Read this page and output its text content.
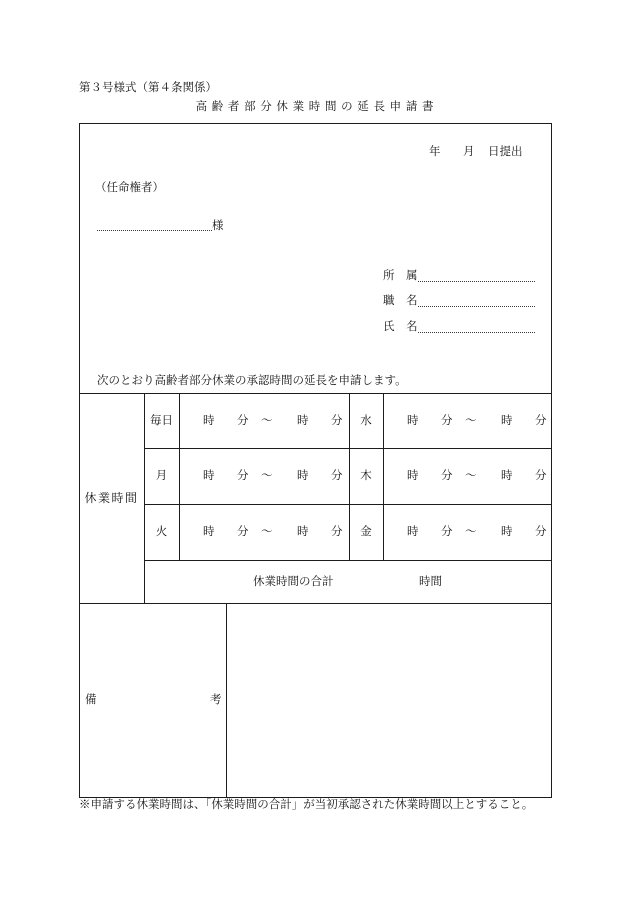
第３号様式（第４条関係）
高 齢 者 部 分 休 業 時 間 の 延 長 申 請 書
年 月 日提出
（任命権者）
様
所　属
職　名
氏　名
次のとおり高齢者部分休業の承認時間の延長を申請します。
休業時間
毎日	時 分 ～ 時 分	水	時 分 ～ 時 分
月	時 分 ～ 時 分	木	時 分 ～ 時 分
火	時 分 ～ 時 分	金	時 分 ～ 時 分
休業時間の合計	時間
備	考
※申請する休業時間は、「休業時間の合計」が当初承認された休業時間以上とすること。
